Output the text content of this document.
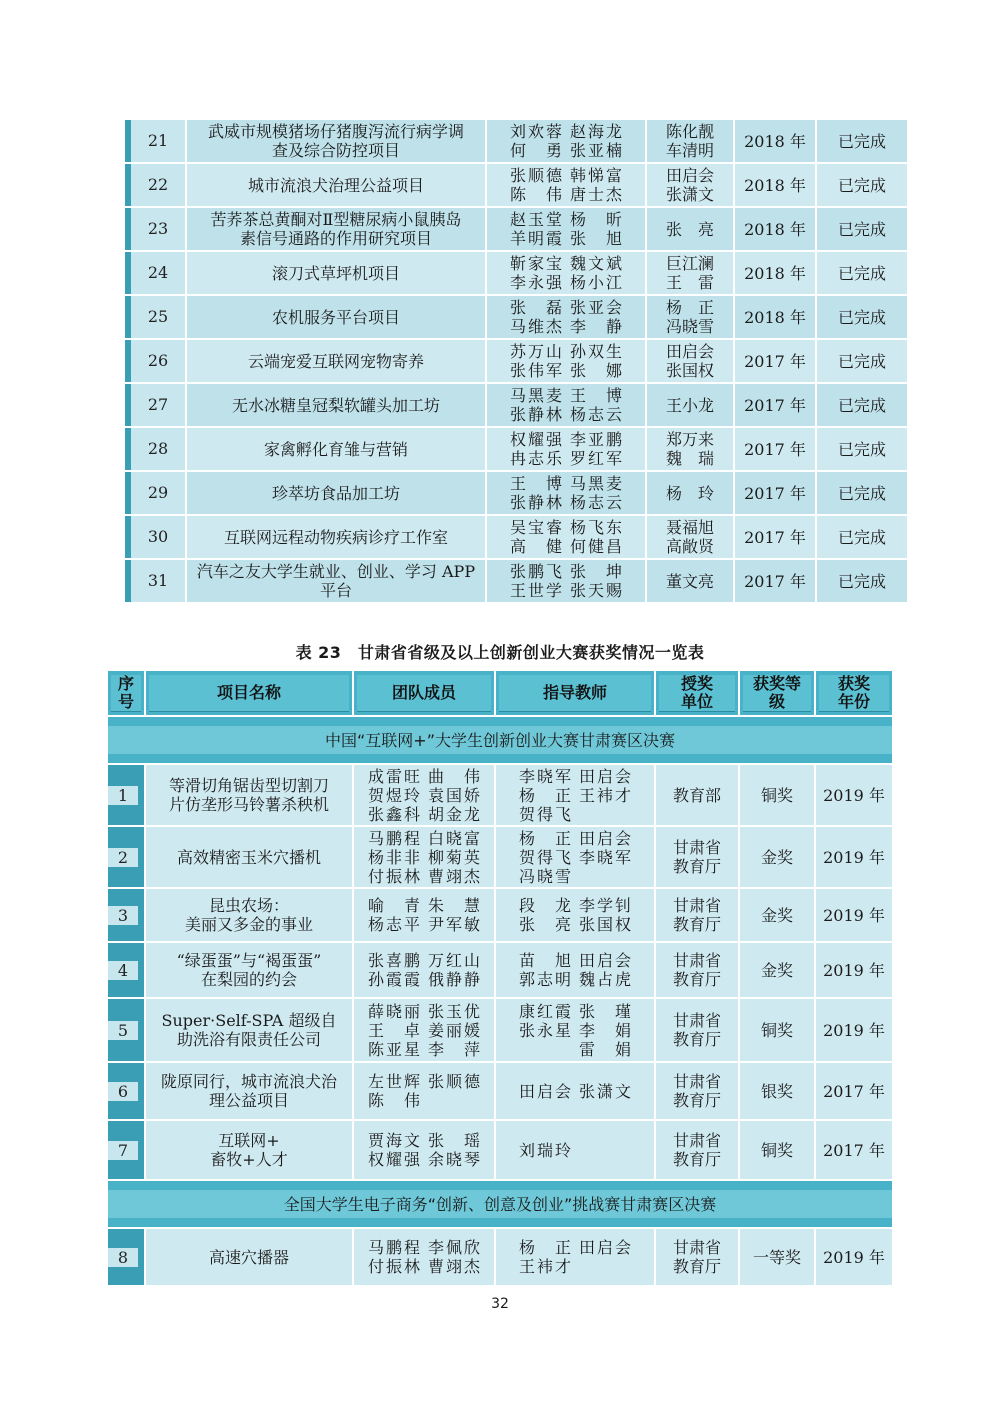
21	武威市规模猪场仔猪腹泻流行病学调
查及综合防控项目	刘欢蓉 赵海龙
何　勇 张亚楠	陈化靓
车清明	2018 年	已完成

22	城市流浪犬治理公益项目	张顺德 韩悌富
陈　伟 唐士杰	田启会
张潇文	2018 年	已完成

23	苦荞茶总黄酮对Ⅱ型糖尿病小鼠胰岛
素信号通路的作用研究项目	赵玉堂 杨　昕
羊明霞 张　旭	张　亮	2018 年	已完成

24	滚刀式草坪机项目	靳家宝 魏文斌
李永强 杨小江	巨江澜
王　雷	2018 年	已完成

25	农机服务平台项目	张　磊 张亚会
马维杰 李　静	杨　正
冯晓雪	2018 年	已完成

26	云端宠爱互联网宠物寄养	苏万山 孙双生
张伟军 张　娜	田启会
张国权	2017 年	已完成

27	无水冰糖皇冠梨软罐头加工坊	马黑麦 王　博
张静林 杨志云	王小龙	2017 年	已完成

28	家禽孵化育雏与营销	权耀强 李亚鹏
冉志乐 罗红军	郑万来
魏　瑞	2017 年	已完成

29	珍萃坊食品加工坊	王　博 马黑麦
张静林 杨志云	杨　玲	2017 年	已完成

30	互联网远程动物疾病诊疗工作室	吴宝睿 杨飞东
高　健 何健昌	聂福旭
高敞贤	2017 年	已完成

31	汽车之友大学生就业、创业、学习 APP
平台	张鹏飞 张　坤
王世学 张天赐	董文亮	2017 年	已完成
表 23　甘肃省省级及以上创新创业大赛获奖情况一览表
序
号	项目名称	团队成员	指导教师	授奖
单位	获奖等
级	获奖
年份

中国“互联网+”大学生创新创业大赛甘肃赛区决赛						

1	等滑切角锯齿型切割刀
片仿垄形马铃薯杀秧机	成雷旺 曲　伟
贺煜玲 袁国娇
张鑫科 胡金龙	李晓军 田启会
杨　正 王袆才
贺得飞	教育部	铜奖	2019 年

2	高效精密玉米穴播机	马鹏程 白晓富
杨非非 柳菊英
付振林 曹翊杰	杨　正 田启会
贺得飞 李晓军
冯晓雪	甘肃省
教育厅	金奖	2019 年

3	昆虫农场：
美丽又多金的事业	喻　青 朱　慧
杨志平 尹军敏	段　龙 李学钊
张　亮 张国权	甘肃省
教育厅	金奖	2019 年

4	“绿蛋蛋”与“褐蛋蛋”
在梨园的约会	张喜鹏 万红山
孙霞霞 俄静静	苗　旭 田启会
郭志明 魏占虎	甘肃省
教育厅	金奖	2019 年

5	Super·Self-SPA 超级自
助洗浴有限责任公司	薛晓丽 张玉优
王　卓 姜丽媛
陈亚星 李　萍	康红霞 张　瑾
张永星 李　娟
雷　娟	甘肃省
教育厅	铜奖	2019 年

6	陇原同行，城市流浪犬治
理公益项目	左世辉 张顺德
陈　伟	田启会 张潇文	甘肃省
教育厅	银奖	2017 年

7	互联网+
畜牧+人才	贾海文 张　瑶
权耀强 余晓琴	刘瑞玲	甘肃省
教育厅	铜奖	2017 年

全国大学生电子商务“创新、创意及创业”挑战赛甘肃赛区决赛						

8	高速穴播器	马鹏程 李佩欣
付振林 曹翊杰	杨　正 田启会
王袆才	甘肃省
教育厅	一等奖	2019 年
32
